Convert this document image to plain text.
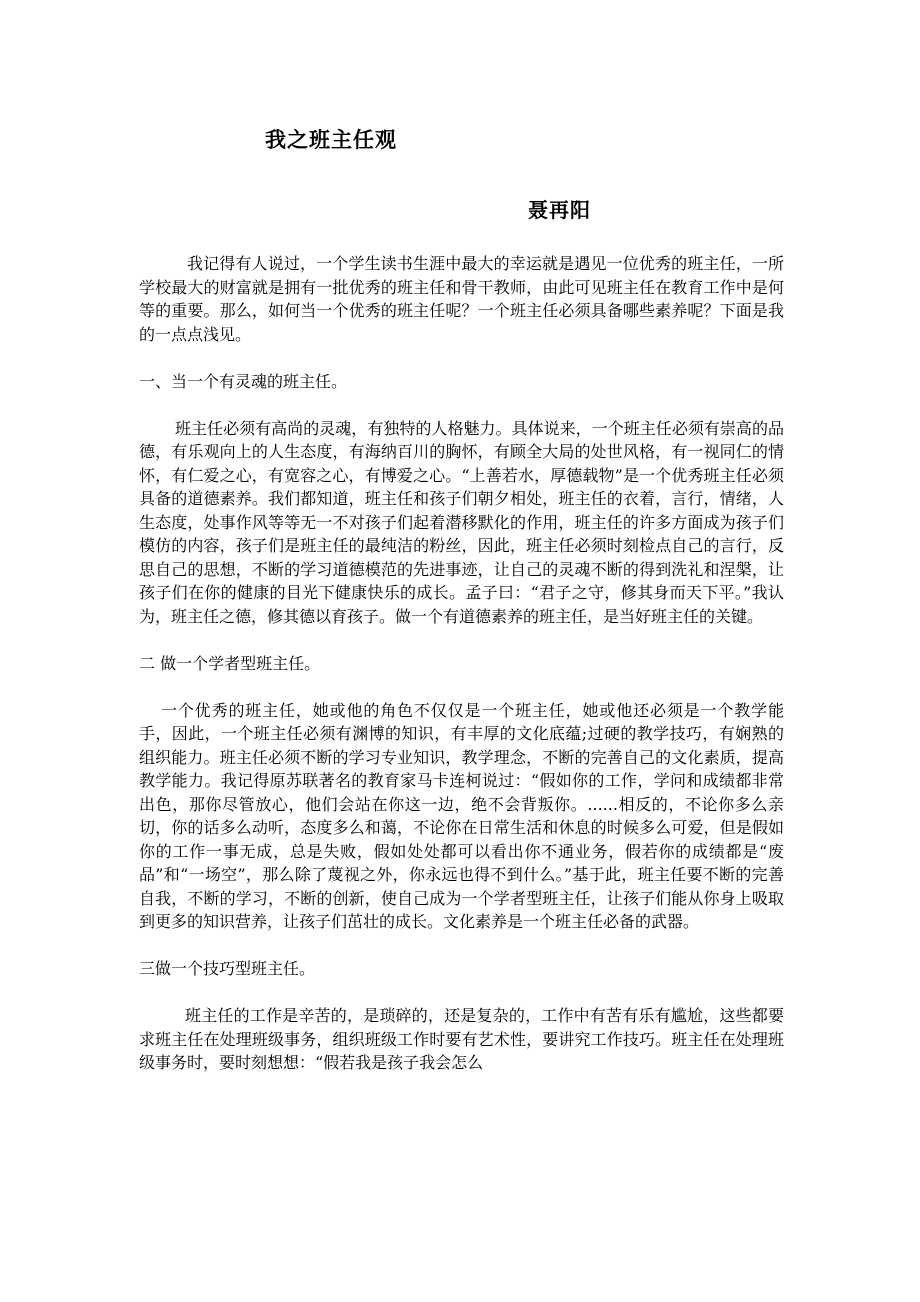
我之班主任观
聂再阳

我记得有人说过，一个学生读书生涯中最大的幸运就是遇见一位优秀的班主任，一所学校最大的财富就是拥有一批优秀的班主任和骨干教师，由此可见班主任在教育工作中是何等的重要。那么，如何当一个优秀的班主任呢？一个班主任必须具备哪些素养呢？下面是我的一点点浅见。

一、当一个有灵魂的班主任。

班主任必须有高尚的灵魂，有独特的人格魅力。具体说来，一个班主任必须有崇高的品德，有乐观向上的人生态度，有海纳百川的胸怀，有顾全大局的处世风格，有一视同仁的情怀，有仁爱之心，有宽容之心，有博爱之心。“上善若水，厚德载物”是一个优秀班主任必须具备的道德素养。我们都知道，班主任和孩子们朝夕相处，班主任的衣着，言行，情绪，人生态度，处事作风等等无一不对孩子们起着潜移默化的作用，班主任的许多方面成为孩子们模仿的内容，孩子们是班主任的最纯洁的粉丝，因此，班主任必须时刻检点自己的言行，反思自己的思想，不断的学习道德模范的先进事迹，让自己的灵魂不断的得到洗礼和涅槃，让孩子们在你的健康的目光下健康快乐的成长。孟子曰：“君子之守，修其身而天下平。”我认为，班主任之德，修其德以育孩子。做一个有道德素养的班主任，是当好班主任的关键。

二 做一个学者型班主任。

一个优秀的班主任，她或他的角色不仅仅是一个班主任，她或他还必须是一个教学能手，因此，一个班主任必须有渊博的知识，有丰厚的文化底蕴;过硬的教学技巧，有娴熟的组织能力。班主任必须不断的学习专业知识，教学理念，不断的完善自己的文化素质，提高教学能力。我记得原苏联著名的教育家马卡连柯说过：“假如你的工作，学问和成绩都非常出色，那你尽管放心，他们会站在你这一边，绝不会背叛你。......相反的，不论你多么亲切，你的话多么动听，态度多么和蔼，不论你在日常生活和休息的时候多么可爱，但是假如你的工作一事无成，总是失败，假如处处都可以看出你不通业务，假若你的成绩都是“废品”和“一场空”，那么除了蔑视之外，你永远也得不到什么。”基于此，班主任要不断的完善自我，不断的学习，不断的创新，使自己成为一个学者型班主任，让孩子们能从你身上吸取到更多的知识营养，让孩子们茁壮的成长。文化素养是一个班主任必备的武器。

三做一个技巧型班主任。

班主任的工作是辛苦的，是琐碎的，还是复杂的，工作中有苦有乐有尴尬，这些都要求班主任在处理班级事务，组织班级工作时要有艺术性，要讲究工作技巧。班主任在处理班级事务时，要时刻想想：“假若我是孩子我会怎么
